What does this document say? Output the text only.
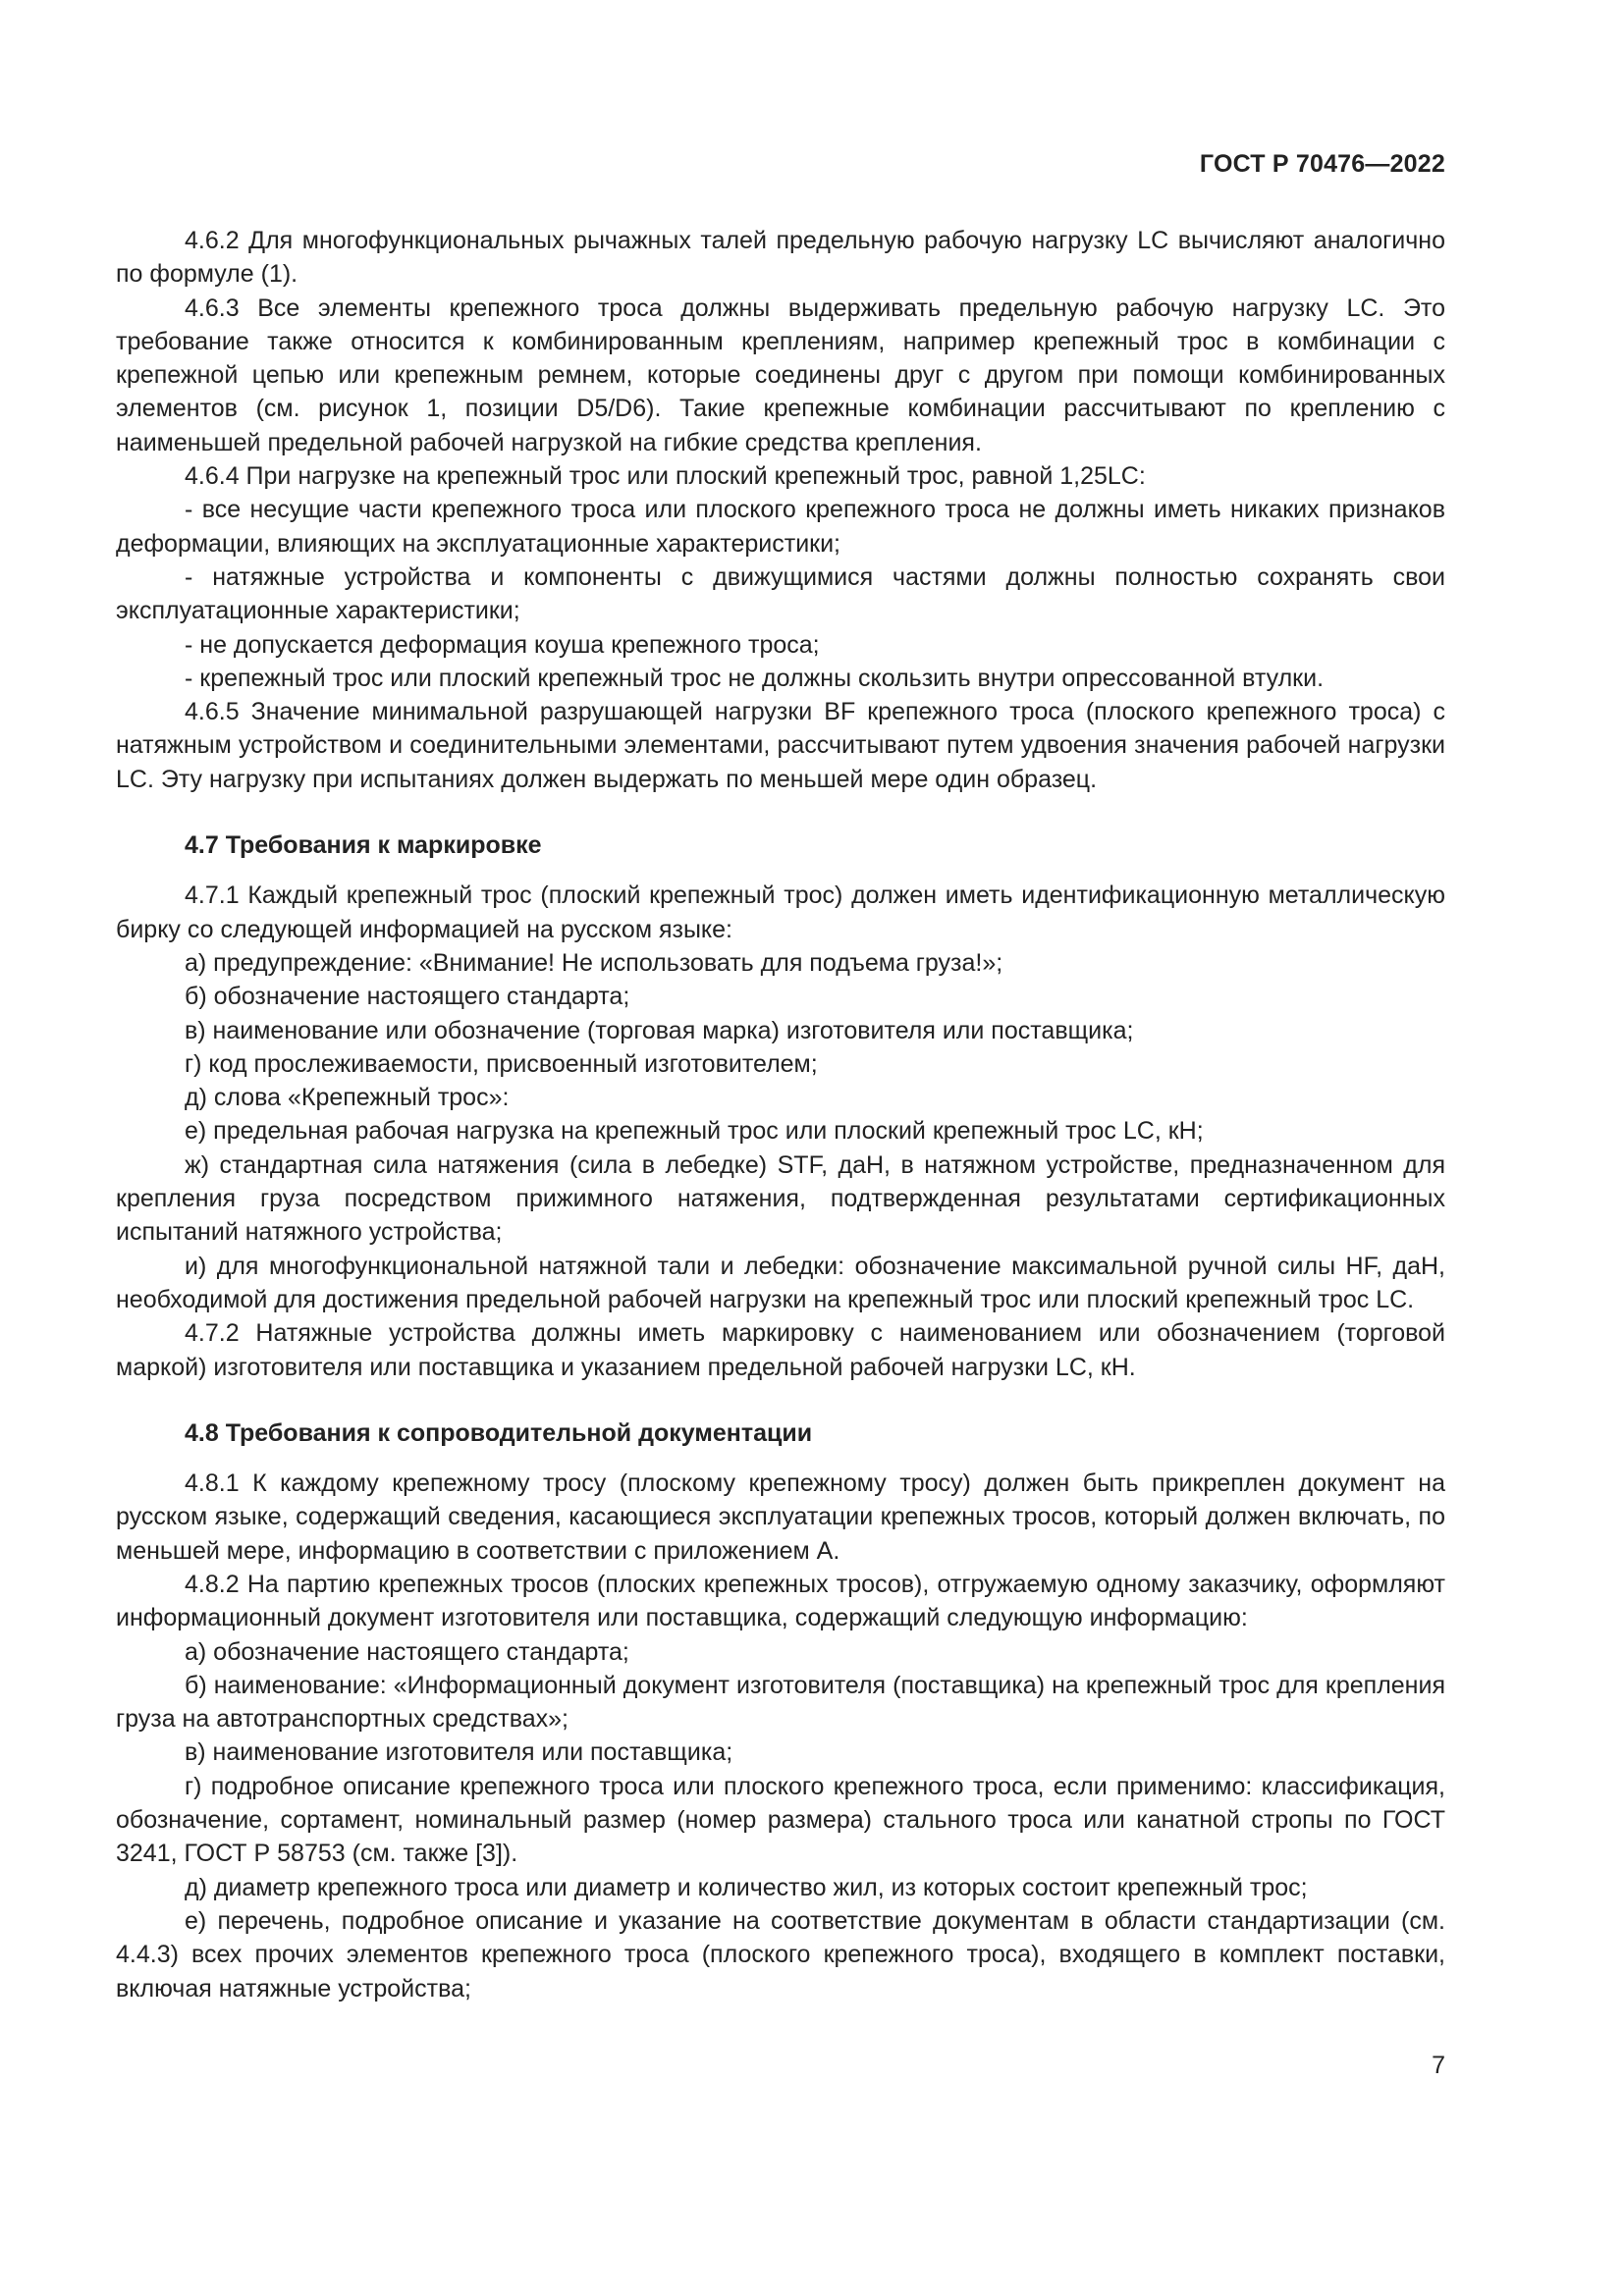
ГОСТ Р 70476—2022

4.6.2 Для многофункциональных рычажных талей предельную рабочую нагрузку LC вычисляют аналогично по формуле (1).

4.6.3 Все элементы крепежного троса должны выдерживать предельную рабочую нагрузку LC. Это требование также относится к комбинированным креплениям, например крепежный трос в комбинации с крепежной цепью или крепежным ремнем, которые соединены друг с другом при помощи комбинированных элементов (см. рисунок 1, позиции D5/D6). Такие крепежные комбинации рассчитывают по креплению с наименьшей предельной рабочей нагрузкой на гибкие средства крепления.

4.6.4 При нагрузке на крепежный трос или плоский крепежный трос, равной 1,25LC:

- все несущие части крепежного троса или плоского крепежного троса не должны иметь никаких признаков деформации, влияющих на эксплуатационные характеристики;

- натяжные устройства и компоненты с движущимися частями должны полностью сохранять свои эксплуатационные характеристики;

- не допускается деформация коуша крепежного троса;

- крепежный трос или плоский крепежный трос не должны скользить внутри опрессованной втулки.

4.6.5 Значение минимальной разрушающей нагрузки BF крепежного троса (плоского крепежного троса) с натяжным устройством и соединительными элементами, рассчитывают путем удвоения значения рабочей нагрузки LC. Эту нагрузку при испытаниях должен выдержать по меньшей мере один образец.

4.7 Требования к маркировке

4.7.1 Каждый крепежный трос (плоский крепежный трос) должен иметь идентификационную металлическую бирку со следующей информацией на русском языке:

а) предупреждение: «Внимание! Не использовать для подъема груза!»;

б) обозначение настоящего стандарта;

в) наименование или обозначение (торговая марка) изготовителя или поставщика;

г) код прослеживаемости, присвоенный изготовителем;

д) слова «Крепежный трос»:

е) предельная рабочая нагрузка на крепежный трос или плоский крепежный трос LC, кН;

ж) стандартная сила натяжения (сила в лебедке) STF, даН, в натяжном устройстве, предназначенном для крепления груза посредством прижимного натяжения, подтвержденная результатами сертификационных испытаний натяжного устройства;

и) для многофункциональной натяжной тали и лебедки: обозначение максимальной ручной силы HF, даН, необходимой для достижения предельной рабочей нагрузки на крепежный трос или плоский крепежный трос LC.

4.7.2 Натяжные устройства должны иметь маркировку с наименованием или обозначением (торговой маркой) изготовителя или поставщика и указанием предельной рабочей нагрузки LC, кН.

4.8 Требования к сопроводительной документации

4.8.1 К каждому крепежному тросу (плоскому крепежному тросу) должен быть прикреплен документ на русском языке, содержащий сведения, касающиеся эксплуатации крепежных тросов, который должен включать, по меньшей мере, информацию в соответствии с приложением А.

4.8.2 На партию крепежных тросов (плоских крепежных тросов), отгружаемую одному заказчику, оформляют информационный документ изготовителя или поставщика, содержащий следующую информацию:

а) обозначение настоящего стандарта;

б) наименование: «Информационный документ изготовителя (поставщика) на крепежный трос для крепления груза на автотранспортных средствах»;

в) наименование изготовителя или поставщика;

г) подробное описание крепежного троса или плоского крепежного троса, если применимо: классификация, обозначение, сортамент, номинальный размер (номер размера) стального троса или канатной стропы по ГОСТ 3241, ГОСТ Р 58753 (см. также [3]).

д) диаметр крепежного троса или диаметр и количество жил, из которых состоит крепежный трос;

е) перечень, подробное описание и указание на соответствие документам в области стандартизации (см. 4.4.3) всех прочих элементов крепежного троса (плоского крепежного троса), входящего в комплект поставки, включая натяжные устройства;

7
